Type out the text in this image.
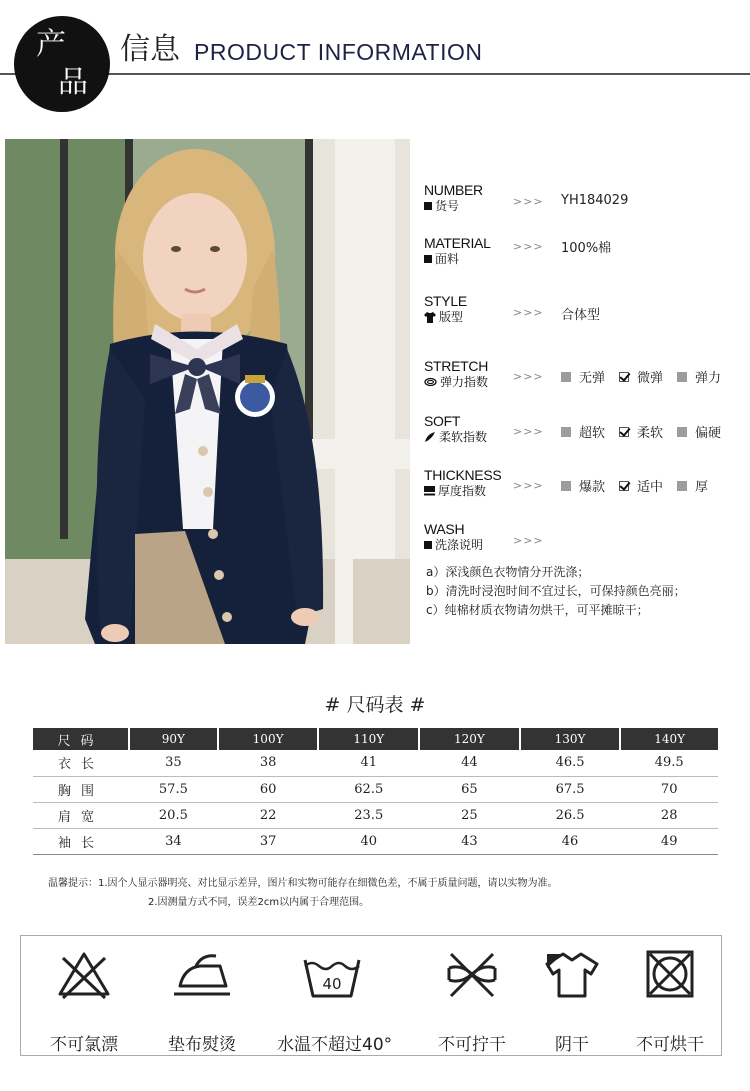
产
品
信息 PRODUCT INFORMATION
NUMBER
货号	>>> YH184029
MATERIAL
面料
>>> 100%棉
STYLE
版型	>>> 合体型
STRETCH
弹力指数 >>>	无弹 微弹 弹力
SOFT
柔软指数 >>>	超软 柔软 偏硬
THICKNESS
厚度指数 >>>	爆款 适中 厚
WASH
洗涤说明	>>>
a）深浅颜色衣物情分开洗涤；
b）清洗时浸泡时间不宜过长，可保持颜色亮丽；
c）纯棉材质衣物请勿烘干，可平摊晾干；
# 尺码表 #
尺码	90Y	100Y	110Y	120Y	130Y	140Y
衣长	35	38	41	44	46.5	49.5
胸围	57.5	60	62.5	65	67.5	70
肩宽	20.5	22	23.5	25	26.5	28
袖长	34	37	40	43	46	49
温馨提示：1.因个人显示器明亮、对比显示差异，图片和实物可能存在细微色差，不属于质量问题，请以实物为准。
2.因测量方式不同，误差2cm以内属于合理范围。
不可氯漂	垫布熨烫
40
水温不超过40°	不可拧干	阴干	不可烘干
